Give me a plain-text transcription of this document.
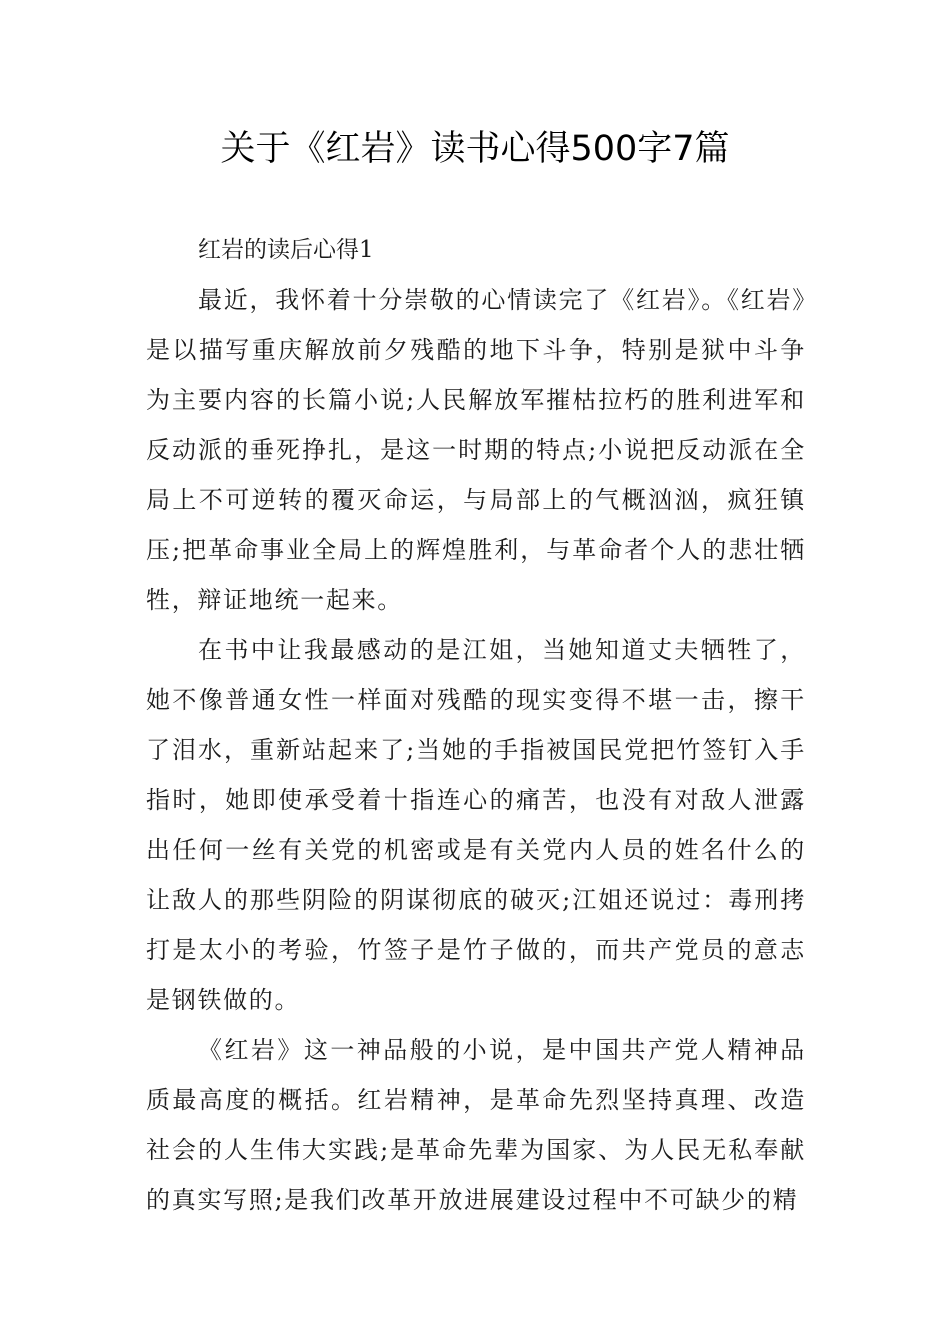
关于《红岩》读书心得500字7篇
红岩的读后心得1

最近，我怀着十分崇敬的心情读完了《红岩》。《红岩》是以描写重庆解放前夕残酷的地下斗争，特别是狱中斗争为主要内容的长篇小说;人民解放军摧枯拉朽的胜利进军和反动派的垂死挣扎，是这一时期的特点;小说把反动派在全局上不可逆转的覆灭命运，与局部上的气概汹汹，疯狂镇压;把革命事业全局上的辉煌胜利，与革命者个人的悲壮牺牲，辩证地统一起来。

在书中让我最感动的是江姐，当她知道丈夫牺牲了，她不像普通女性一样面对残酷的现实变得不堪一击，擦干了泪水，重新站起来了;当她的手指被国民党把竹签钉入手指时，她即使承受着十指连心的痛苦，也没有对敌人泄露出任何一丝有关党的机密或是有关党内人员的姓名什么的让敌人的那些阴险的阴谋彻底的破灭;江姐还说过：毒刑拷打是太小的考验，竹签子是竹子做的，而共产党员的意志是钢铁做的。

《红岩》这一神品般的小说，是中国共产党人精神品质最高度的概括。红岩精神，是革命先烈坚持真理、改造社会的人生伟大实践;是革命先辈为国家、为人民无私奉献的真实写照;是我们改革开放进展建设过程中不可缺少的精
